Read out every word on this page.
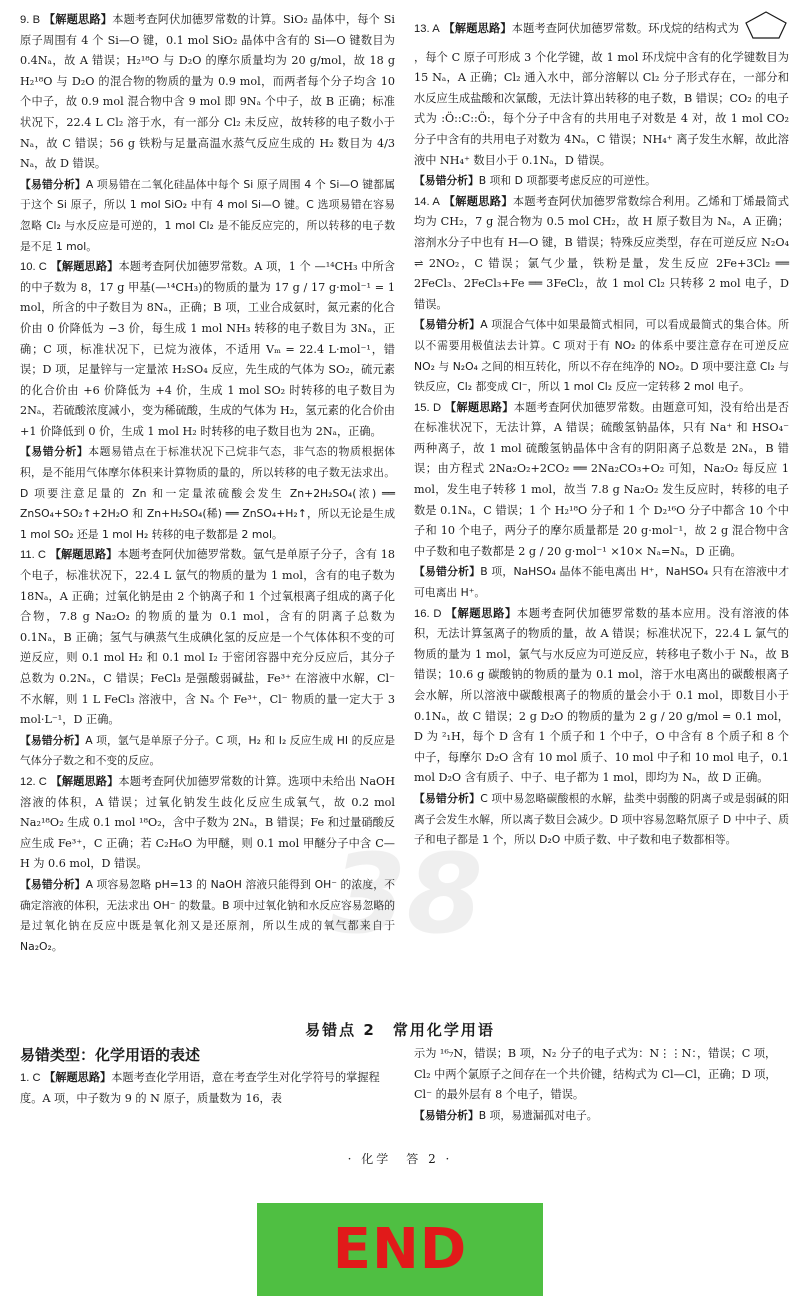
38
9. B 【解题思路】本题考查阿伏加德罗常数的计算。SiO₂ 晶体中，每个 Si 原子周围有 4 个 Si—O 键，0.1 mol SiO₂ 晶体中含有的 Si—O 键数目为 0.4Nₐ，故 A 错误；H₂¹⁸O 与 D₂O 的摩尔质量均为 20 g/mol，故 18 g H₂¹⁸O 与 D₂O 的混合物的物质的量为 0.9 mol，而两者每个分子均含 10 个中子，故 0.9 mol 混合物中含 9 mol 即 9Nₐ 个中子，故 B 正确；标准状况下，22.4 L Cl₂ 溶于水，有一部分 Cl₂ 未反应，故转移的电子数小于 Nₐ，故 C 错误；56 g 铁粉与足量高温水蒸气反应生成的 H₂ 数目为 4/3 Nₐ，故 D 错误。
【易错分析】A 项易错在二氧化硅晶体中每个 Si 原子周围 4 个 Si—O 键都属于这个 Si 原子，所以 1 mol SiO₂ 中有 4 mol Si—O 键。C 选项易错在容易忽略 Cl₂ 与水反应是可逆的，1 mol Cl₂ 是不能反应完的，所以转移的电子数是不足 1 mol。
10. C 【解题思路】本题考查阿伏加德罗常数。A 项，1 个 —¹⁴CH₃ 中所含的中子数为 8，17 g 甲基(—¹⁴CH₃)的物质的量为 17 g / 17 g·mol⁻¹ = 1 mol，所含的中子数目为 8Nₐ，正确；B 项，工业合成氨时，氮元素的化合价由 0 价降低为 −3 价，每生成 1 mol NH₃ 转移的电子数目为 3Nₐ，正确；C 项，标准状况下，已烷为液体，不适用 Vₘ = 22.4 L·mol⁻¹，错误；D 项，足量锌与一定量浓 H₂SO₄ 反应，先生成的气体为 SO₂，硫元素的化合价由 +6 价降低为 +4 价，生成 1 mol SO₂ 时转移的电子数目为 2Nₐ，若硫酸浓度减小，变为稀硫酸，生成的气体为 H₂，氢元素的化合价由 +1 价降低到 0 价，生成 1 mol H₂ 时转移的电子数目也为 2Nₐ，正确。
【易错分析】本题易错点在于标准状况下己烷非气态，非气态的物质根据体积，是不能用气体摩尔体积来计算物质的量的，所以转移的电子数无法求出。D 项要注意足量的 Zn 和一定量浓硫酸会发生 Zn+2H₂SO₄(浓) ══ ZnSO₄+SO₂↑+2H₂O 和 Zn+H₂SO₄(稀) ══ ZnSO₄+H₂↑，所以无论是生成 1 mol SO₂ 还是 1 mol H₂ 转移的电子数都是 2 mol。
11. C 【解题思路】本题考查阿伏加德罗常数。氩气是单原子分子，含有 18 个电子，标准状况下，22.4 L 氩气的物质的量为 1 mol，含有的电子数为 18Nₐ，A 正确；过氧化钠是由 2 个钠离子和 1 个过氧根离子组成的离子化合物，7.8 g Na₂O₂ 的物质的量为 0.1 mol，含有的阴离子总数为 0.1Nₐ，B 正确；氢气与碘蒸气生成碘化氢的反应是一个气体体积不变的可逆反应，则 0.1 mol H₂ 和 0.1 mol I₂ 于密闭容器中充分反应后，其分子总数为 0.2Nₐ，C 错误；FeCl₃ 是强酸弱碱盐，Fe³⁺ 在溶液中水解，Cl⁻ 不水解，则 1 L FeCl₃ 溶液中，含 Nₐ 个 Fe³⁺，Cl⁻ 物质的量一定大于 3 mol·L⁻¹，D 正确。
【易错分析】A 项，氩气是单原子分子。C 项，H₂ 和 I₂ 反应生成 HI 的反应是气体分子数之和不变的反应。
12. C 【解题思路】本题考查阿伏加德罗常数的计算。选项中未给出 NaOH 溶液的体积，A 错误；过氧化钠发生歧化反应生成氧气，故 0.2 mol Na₂¹⁸O₂ 生成 0.1 mol ¹⁸O₂，含中子数为 2Nₐ，B 错误；Fe 和过量硝酸反应生成 Fe³⁺，C 正确；若 C₂H₆O 为甲醚，则 0.1 mol 甲醚分子中含 C—H 为 0.6 mol，D 错误。
【易错分析】A 项容易忽略 pH=13 的 NaOH 溶液只能得到 OH⁻ 的浓度，不确定溶液的体积，无法求出 OH⁻ 的数量。B 项中过氧化钠和水反应容易忽略的是过氧化钠在反应中既是氧化剂又是还原剂，所以生成的氧气都来自于 Na₂O₂。
13. A 【解题思路】本题考查阿伏加德罗常数。环戊烷的结构式为 ，每个 C 原子可形成 3 个化学键，故 1 mol 环戊烷中含有的化学键数目为 15 Nₐ，A 正确；Cl₂ 通入水中，部分溶解以 Cl₂ 分子形式存在，一部分和水反应生成盐酸和次氯酸，无法计算出转移的电子数，B 错误；CO₂ 的电子式为 :Ö::C::Ö:，每个分子中含有的共用电子对数是 4 对，故 1 mol CO₂ 分子中含有的共用电子对数为 4Nₐ，C 错误；NH₄⁺ 离子发生水解，故此溶液中 NH₄⁺ 数目小于 0.1Nₐ，D 错误。
【易错分析】B 项和 D 项都要考虑反应的可逆性。
14. A 【解题思路】本题考查阿伏加德罗常数综合利用。乙烯和丁烯最简式均为 CH₂，7 g 混合物为 0.5 mol CH₂，故 H 原子数目为 Nₐ，A 正确；溶剂水分子中也有 H—O 键，B 错误；特殊反应类型，存在可逆反应 N₂O₄ ⇌ 2NO₂，C 错误；氯气少量，铁粉是量，发生反应 2Fe+3Cl₂ ══ 2FeCl₃、2FeCl₃+Fe ══ 3FeCl₂，故 1 mol Cl₂ 只转移 2 mol 电子，D 错误。
【易错分析】A 项混合气体中如果最简式相同，可以看成最简式的集合体。所以不需要用极值法去计算。C 项对于有 NO₂ 的体系中要注意存在可逆反应 NO₂ 与 N₂O₄ 之间的相互转化，所以不存在纯净的 NO₂。D 项中要注意 Cl₂ 与铁反应，Cl₂ 都变成 Cl⁻，所以 1 mol Cl₂ 反应一定转移 2 mol 电子。
15. D 【解题思路】本题考查阿伏加德罗常数。由题意可知，没有给出是否在标准状况下，无法计算，A 错误；硫酸氢钠晶体，只有 Na⁺ 和 HSO₄⁻ 两种离子，故 1 mol 硫酸氢钠晶体中含有的阴阳离子总数是 2Nₐ，B 错误；由方程式 2Na₂O₂+2CO₂ ══ 2Na₂CO₃+O₂ 可知，Na₂O₂ 每反应 1 mol，发生电子转移 1 mol，故当 7.8 g Na₂O₂ 发生反应时，转移的电子数是 0.1Nₐ，C 错误；1 个 H₂¹⁸O 分子和 1 个 D₂¹⁶O 分子中都含 10 个中子和 10 个电子，两分子的摩尔质量都是 20 g·mol⁻¹，故 2 g 混合物中含中子数和电子数都是 2 g / 20 g·mol⁻¹ ×10× Nₐ=Nₐ，D 正确。
【易错分析】B 项，NaHSO₄ 晶体不能电离出 H⁺，NaHSO₄ 只有在溶液中才可电离出 H⁺。
16. D 【解题思路】本题考查阿伏加德罗常数的基本应用。没有溶液的体积，无法计算氢离子的物质的量，故 A 错误；标准状况下，22.4 L 氯气的物质的量为 1 mol，氯气与水反应为可逆反应，转移电子数小于 Nₐ，故 B 错误；10.6 g 碳酸钠的物质的量为 0.1 mol，溶于水电离出的碳酸根离子会水解，所以溶液中碳酸根离子的物质的量会小于 0.1 mol，即数目小于 0.1Nₐ，故 C 错误；2 g D₂O 的物质的量为 2 g / 20 g/mol = 0.1 mol，D 为 ²₁H，每个 D 含有 1 个质子和 1 个中子，O 中含有 8 个质子和 8 个中子，每摩尔 D₂O 含有 10 mol 质子、10 mol 中子和 10 mol 电子，0.1 mol D₂O 含有质子、中子、电子都为 1 mol，即均为 Nₐ，故 D 正确。
【易错分析】C 项中易忽略碳酸根的水解，盐类中弱酸的阴离子或是弱碱的阳离子会发生水解，所以离子数目会减少。D 项中容易忽略氘原子 D 中中子、质子和电子都是 1 个，所以 D₂O 中质子数、中子数和电子数都相等。
易错点 2　常用化学用语
易错类型：化学用语的表述
1. C 【解题思路】本题考查化学用语，意在考查学生对化学符号的掌握程度。A 项，中子数为 9 的 N 原子，质量数为 16，表
示为 ¹⁶₇N，错误；B 项，N₂ 分子的电子式为：N⋮⋮N：，错误；C 项，Cl₂ 中两个氯原子之间存在一个共价键，结构式为 Cl—Cl，正确；D 项，Cl⁻ 的最外层有 8 个电子，错误。
【易错分析】B 项，易遗漏孤对电子。
· 化学　答 2 ·
END
